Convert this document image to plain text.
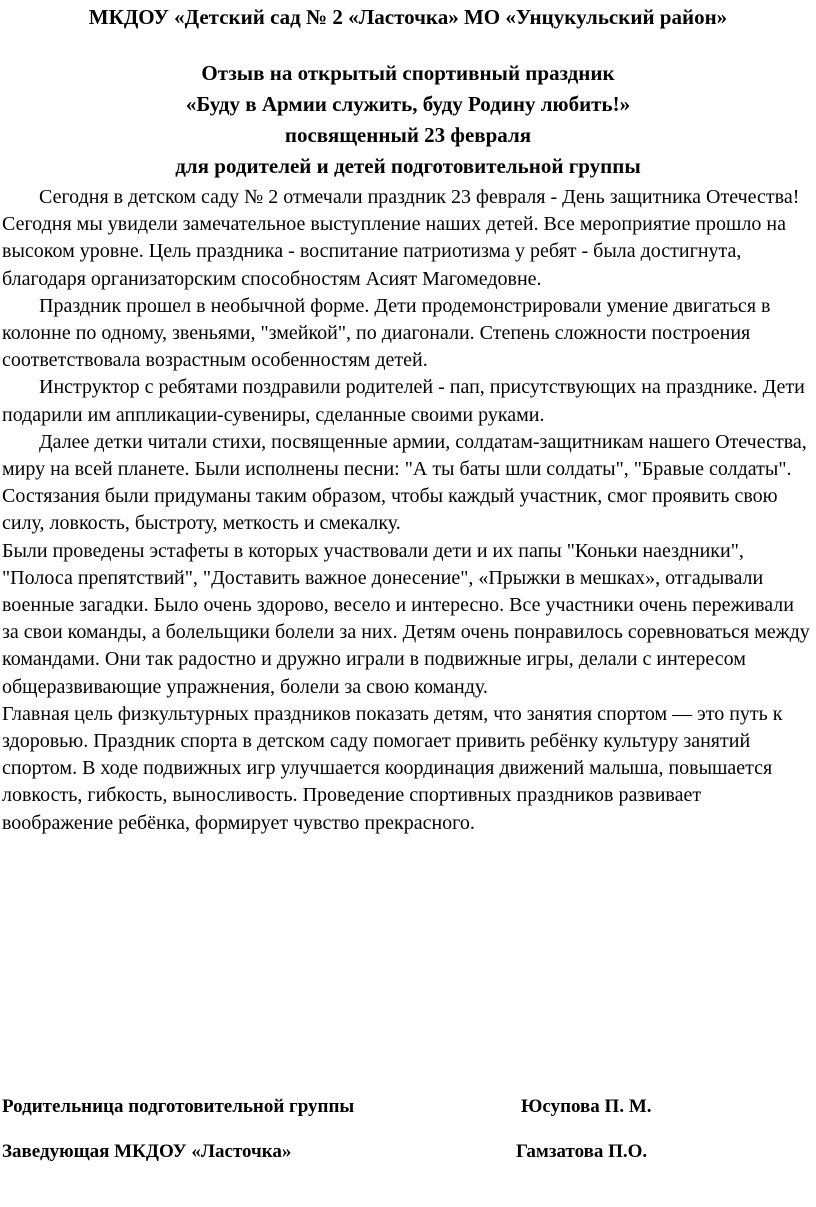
МКДОУ «Детский сад № 2 «Ласточка» МО «Унцукульский район»
Отзыв на открытый спортивный праздник
«Буду в Армии служить, буду Родину любить!»
посвященный 23 февраля
для родителей и детей подготовительной группы

Сегодня в детском саду № 2 отмечали праздник 23 февраля - День защитника Отечества! Сегодня мы увидели замечательное выступление наших детей. Все мероприятие прошло на высоком уровне. Цель праздника - воспитание патриотизма у ребят - была достигнута, благодаря организаторским способностям Асият Магомедовне.

Праздник прошел в необычной форме. Дети продемонстрировали умение двигаться в колонне по одному, звеньями, "змейкой", по диагонали. Степень сложности построения соответствовала возрастным особенностям детей.

Инструктор с ребятами поздравили родителей - пап, присутствующих на празднике. Дети подарили им аппликации-сувениры, сделанные своими руками.

Далее детки читали стихи, посвященные армии, солдатам-защитникам нашего Отечества, миру на всей планете. Были исполнены песни: "А ты баты шли солдаты", "Бравые солдаты".

Состязания были придуманы таким образом, чтобы каждый участник, смог проявить свою силу, ловкость, быстроту, меткость и смекалку.

Были проведены эстафеты в которых участвовали дети и их папы "Коньки наездники", "Полоса препятствий", "Доставить важное донесение", «Прыжки в мешках», отгадывали военные загадки. Было очень здорово, весело и интересно. Все участники очень переживали за свои команды, а болельщики болели за них. Детям очень понравилось соревноваться между командами. Они так радостно и дружно играли в подвижные игры, делали с интересом общеразвивающие упражнения, болели за свою команду.

Главная цель физкультурных праздников показать детям, что занятия спортом — это путь к здоровью. Праздник спорта в детском саду помогает привить ребёнку культуру занятий спортом. В ходе подвижных игр улучшается координация движений малыша, повышается ловкость, гибкость, выносливость. Проведение спортивных праздников развивает воображение ребёнка, формирует чувство прекрасного.

Родительница подготовительной группы	Юсупова П. М.
Заведующая МКДОУ «Ласточка»	Гамзатова П.О.
